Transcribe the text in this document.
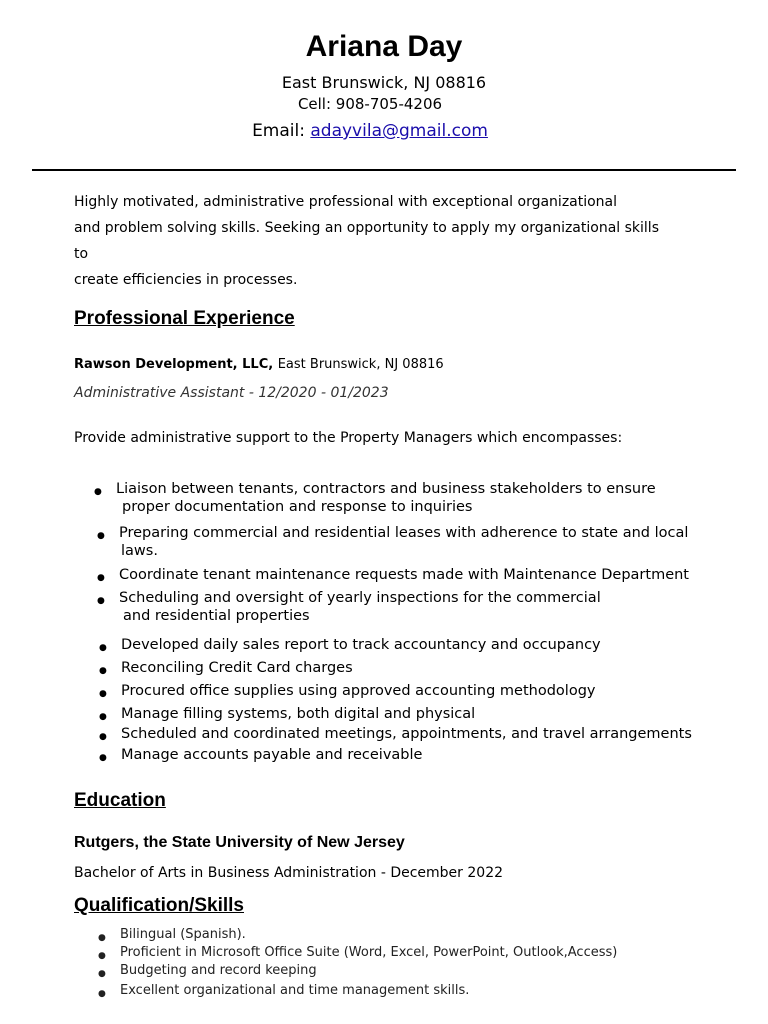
Ariana Day
East Brunswick, NJ 08816
Cell: 908-705-4206
Email: adayvila@gmail.com
Highly motivated, administrative professional with exceptional organizational
and problem solving skills. Seeking an opportunity to apply my organizational skills
to
create efficiencies in processes.
Professional Experience
Rawson Development, LLC, East Brunswick, NJ 08816
Administrative Assistant - 12/2020 - 01/2023
Provide administrative support to the Property Managers which encompasses:
● Liaison between tenants, contractors and business stakeholders to ensure
proper documentation and response to inquiries
● Preparing commercial and residential leases with adherence to state and local
laws.
● Coordinate tenant maintenance requests made with Maintenance Department
● Scheduling and oversight of yearly inspections for the commercial
and residential properties
● Developed daily sales report to track accountancy and occupancy
● Reconciling Credit Card charges
● Procured office supplies using approved accounting methodology
● Manage filling systems, both digital and physical
● Scheduled and coordinated meetings, appointments, and travel arrangements
● Manage accounts payable and receivable
Education
Rutgers, the State University of New Jersey
Bachelor of Arts in Business Administration - December 2022
Qualification/Skills
● Bilingual (Spanish).
● Proficient in Microsoft Office Suite (Word, Excel, PowerPoint, Outlook,Access)
● Budgeting and record keeping
● Excellent organizational and time management skills.
